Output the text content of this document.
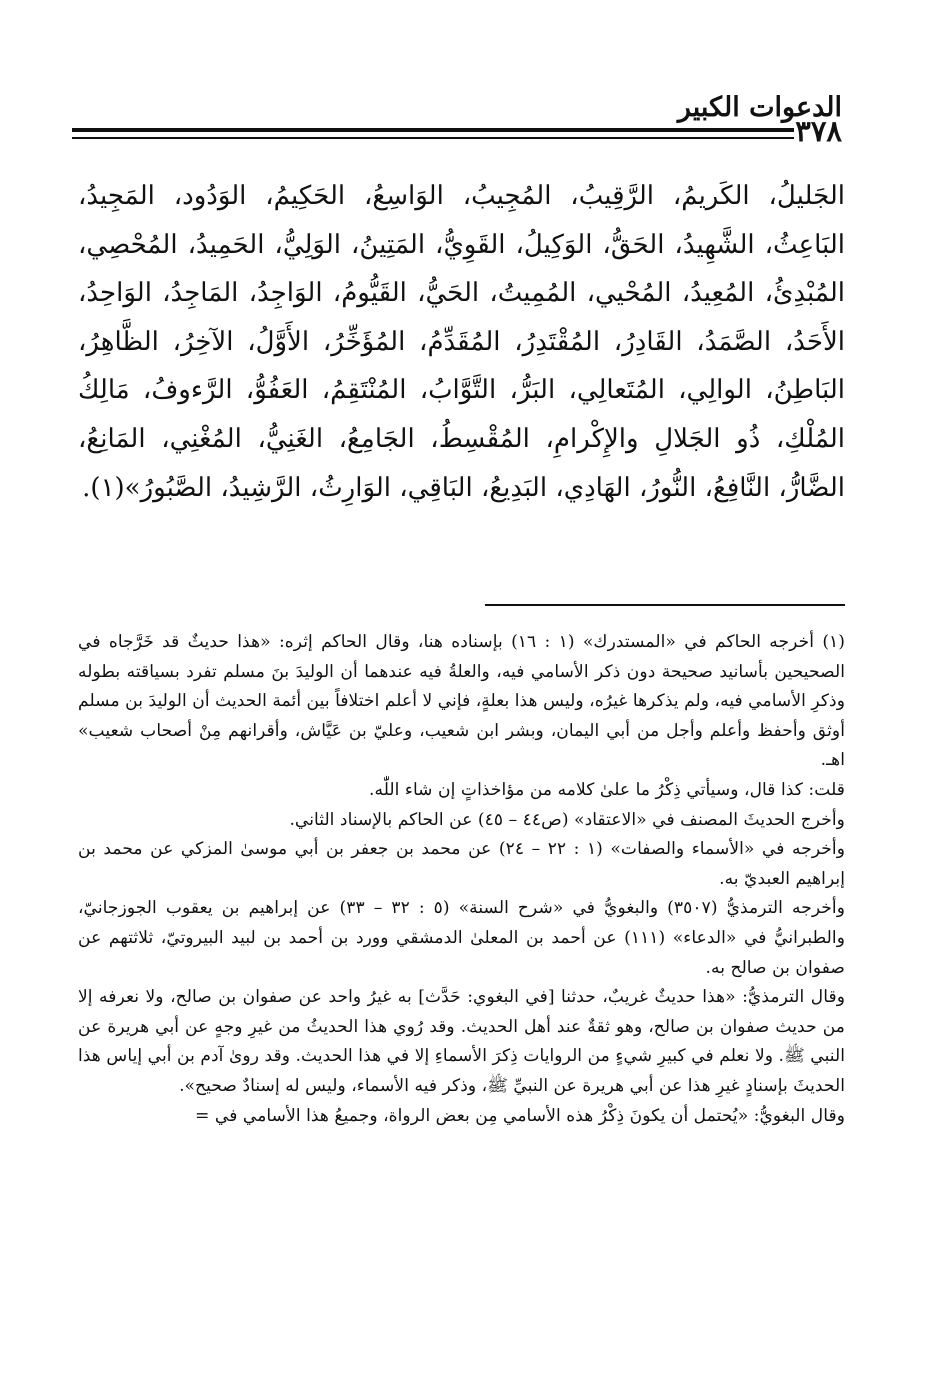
الدعوات الكبير
٣٧٨

الجَليلُ، الكَريمُ، الرَّقِيبُ، المُجِيبُ، الوَاسِعُ، الحَكِيمُ، الوَدُود، المَجِيدُ، البَاعِثُ، الشَّهِيدُ، الحَقُّ، الوَكِيلُ، القَوِيُّ، المَتِينُ، الوَلِيُّ، الحَمِيدُ، المُحْصِي، المُبْدِئُ، المُعِيدُ، المُحْيي، المُمِيتُ، الحَيُّ، القَيُّومُ، الوَاجِدُ، المَاجِدُ، الوَاحِدُ، الأَحَدُ، الصَّمَدُ، القَادِرُ، المُقْتَدِرُ، المُقَدِّمُ، المُؤَخِّرُ، الأَوَّلُ، الآخِرُ، الظَّاهِرُ، البَاطِنُ، الوالِي، المُتَعالِي، البَرُّ، التَّوَّابُ، المُنْتَقِمُ، العَفُوُّ، الرَّءوفُ، مَالِكُ المُلْكِ، ذُو الجَلالِ والإِكْرامِ، المُقْسِطُ، الجَامِعُ، الغَنِيُّ، المُغْنِي، المَانِعُ، الضَّارُّ، النَّافِعُ، النُّورُ، الهَادِي، البَدِيعُ، البَاقِي، الوَارِثُ، الرَّشِيدُ، الصَّبُورُ»(١).

(١) أخرجه الحاكم في «المستدرك» (١ : ١٦) بإسناده هنا، وقال الحاكم إثره: «هذا حديثٌ قد خَرَّجاه في الصحيحين بأسانيد صحيحة دون ذكر الأسامي فيه، والعلةُ فيه عندهما أن الوليدَ بنَ مسلم تفرد بسياقته بطوله وذكرِ الأسامي فيه، ولم يذكرها غيرُه، وليس هذا بعلةٍ، فإني لا أعلم اختلافاً بين أئمة الحديث أن الوليدَ بن مسلم أوثق وأحفظ وأعلم وأجل من أبي اليمان، وبشر ابن شعيب، وعليّ بن عَيَّاش، وأقرانهم مِنْ أصحاب شعيب» اهـ.

قلت: كذا قال، وسيأتي ذِكْرُ ما علىٰ كلامه من مؤاخذاتٍ إن شاء اللّٰه.

وأخرج الحديثَ المصنف في «الاعتقاد» (ص٤٤ – ٤٥) عن الحاكم بالإسناد الثاني.

وأخرجه في «الأسماء والصفات» (١ : ٢٢ – ٢٤) عن محمد بن جعفر بن أبي موسىٰ المزكي عن محمد بن إبراهيم العبديّ به.

وأخرجه الترمذيُّ (٣٥٠٧) والبغويُّ في «شرح السنة» (٥ : ٣٢ – ٣٣) عن إبراهيم بن يعقوب الجوزجانيّ، والطبرانيُّ في «الدعاء» (١١١) عن أحمد بن المعلىٰ الدمشقي وورد بن أحمد بن لبيد البيروتيّ، ثلاثتهم عن صفوان بن صالح به.

وقال الترمذيُّ: «هذا حديثٌ غريبٌ، حدثنا [في البغوي: حَدَّث] به غيرُ واحد عن صفوان بن صالح، ولا نعرفه إلا من حديث صفوان بن صالح، وهو ثقةٌ عند أهل الحديث. وقد رُوي هذا الحديثُ من غيرِ وجهٍ عن أبي هريرة عن النبي ﷺ. ولا نعلم في كبيرِ شيءٍ من الروايات ذِكرَ الأسماءِ إلا في هذا الحديث. وقد روىٰ آدم بن أبي إياس هذا الحديثَ بإسنادٍ غيرِ هذا عن أبي هريرة عن النبيِّ ﷺ، وذكر فيه الأسماء، وليس له إسنادٌ صحيح».

وقال البغويُّ: «يُحتمل أن يكونَ ذِكْرُ هذه الأسامي مِن بعض الرواة، وجميعُ هذا الأسامي في =
